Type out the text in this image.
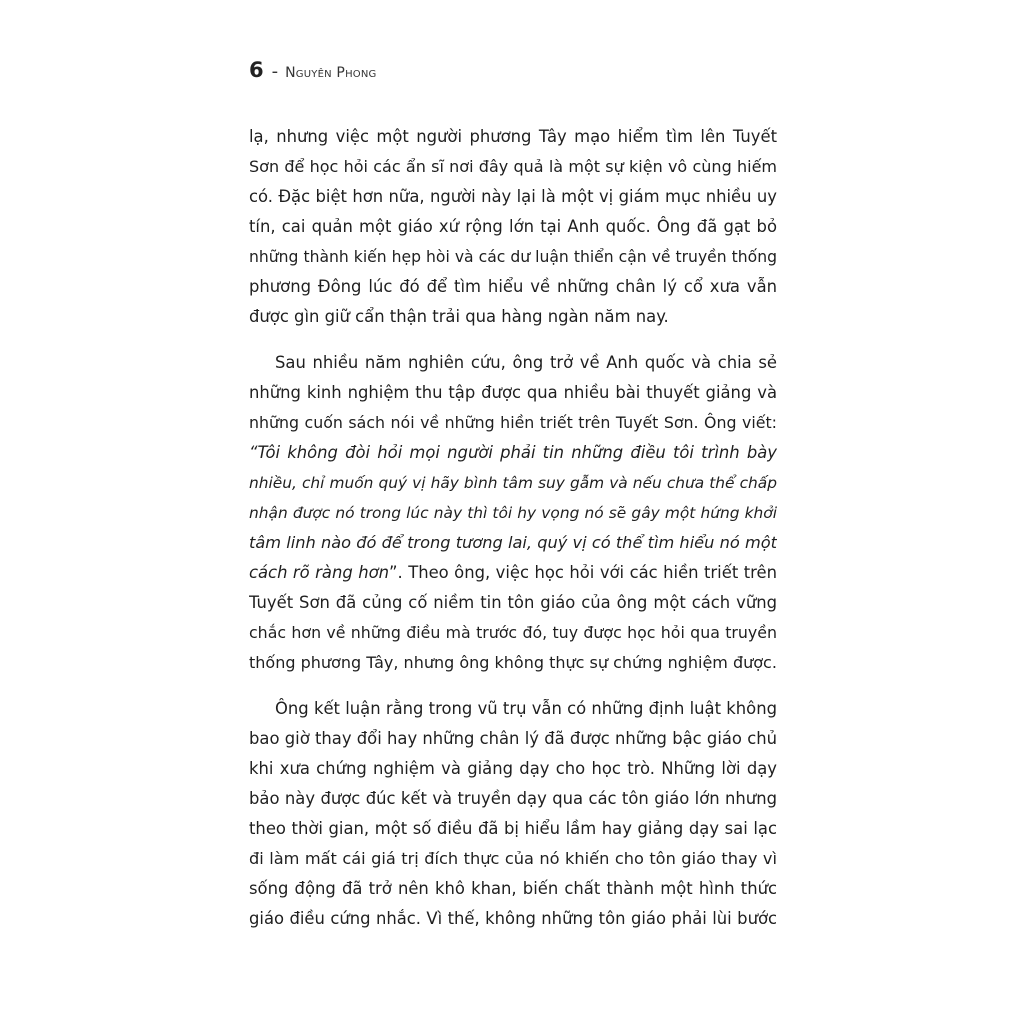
6 - Nguyên Phong
lạ, nhưng việc một người phương Tây mạo hiểm tìm lên Tuyết
Sơn để học hỏi các ẩn sĩ nơi đây quả là một sự kiện vô cùng hiếm
có. Đặc biệt hơn nữa, người này lại là một vị giám mục nhiều uy
tín, cai quản một giáo xứ rộng lớn tại Anh quốc. Ông đã gạt bỏ
những thành kiến hẹp hòi và các dư luận thiển cận về truyền thống
phương Đông lúc đó để tìm hiểu về những chân lý cổ xưa vẫn
được gìn giữ cẩn thận trải qua hàng ngàn năm nay.
Sau nhiều năm nghiên cứu, ông trở về Anh quốc và chia sẻ
những kinh nghiệm thu tập được qua nhiều bài thuyết giảng và
những cuốn sách nói về những hiền triết trên Tuyết Sơn. Ông viết:
“Tôi không đòi hỏi mọi người phải tin những điều tôi trình bày
nhiều, chỉ muốn quý vị hãy bình tâm suy gẫm và nếu chưa thể chấp
nhận được nó trong lúc này thì tôi hy vọng nó sẽ gây một hứng khởi
tâm linh nào đó để trong tương lai, quý vị có thể tìm hiểu nó một
cách rõ ràng hơn”. Theo ông, việc học hỏi với các hiền triết trên
Tuyết Sơn đã củng cố niềm tin tôn giáo của ông một cách vững
chắc hơn về những điều mà trước đó, tuy được học hỏi qua truyền
thống phương Tây, nhưng ông không thực sự chứng nghiệm được.
Ông kết luận rằng trong vũ trụ vẫn có những định luật không
bao giờ thay đổi hay những chân lý đã được những bậc giáo chủ
khi xưa chứng nghiệm và giảng dạy cho học trò. Những lời dạy
bảo này được đúc kết và truyền dạy qua các tôn giáo lớn nhưng
theo thời gian, một số điều đã bị hiểu lầm hay giảng dạy sai lạc
đi làm mất cái giá trị đích thực của nó khiến cho tôn giáo thay vì
sống động đã trở nên khô khan, biến chất thành một hình thức
giáo điều cứng nhắc. Vì thế, không những tôn giáo phải lùi bước
